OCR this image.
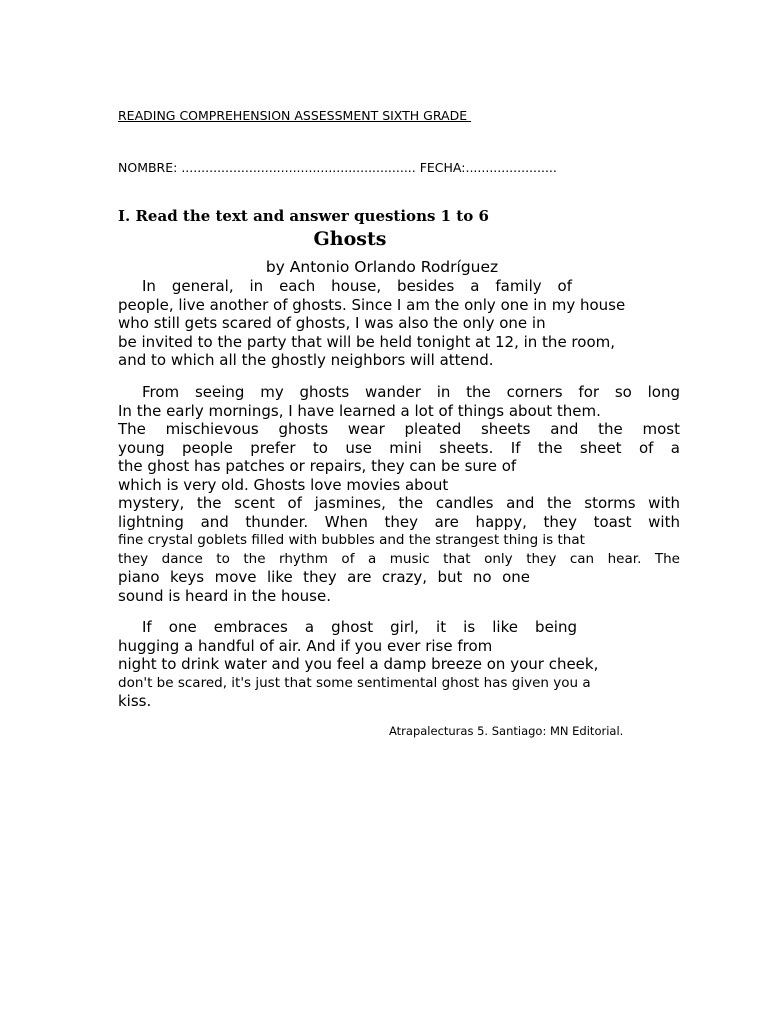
READING COMPREHENSION ASSESSMENT SIXTH GRADE
NOMBRE: ........................................................... FECHA:.......................
I. Read the text and answer questions 1 to 6
Ghosts
by Antonio Orlando Rodríguez
In general, in each house, besides a family of
people, live another of ghosts. Since I am the only one in my house
who still gets scared of ghosts, I was also the only one in
be invited to the party that will be held tonight at 12, in the room,
and to which all the ghostly neighbors will attend.
From seeing my ghosts wander in the corners for so long
In the early mornings, I have learned a lot of things about them.
The mischievous ghosts wear pleated sheets and the most
young people prefer to use mini sheets. If the sheet of a
the ghost has patches or repairs, they can be sure of
which is very old. Ghosts love movies about
mystery, the scent of jasmines, the candles and the storms with
lightning and thunder. When they are happy, they toast with
fine crystal goblets filled with bubbles and the strangest thing is that
they dance to the rhythm of a music that only they can hear. The
piano keys move like they are crazy, but no one
sound is heard in the house.
If one embraces a ghost girl, it is like being
hugging a handful of air. And if you ever rise from
night to drink water and you feel a damp breeze on your cheek,
don't be scared, it's just that some sentimental ghost has given you a
kiss.
Atrapalecturas 5. Santiago: MN Editorial.
